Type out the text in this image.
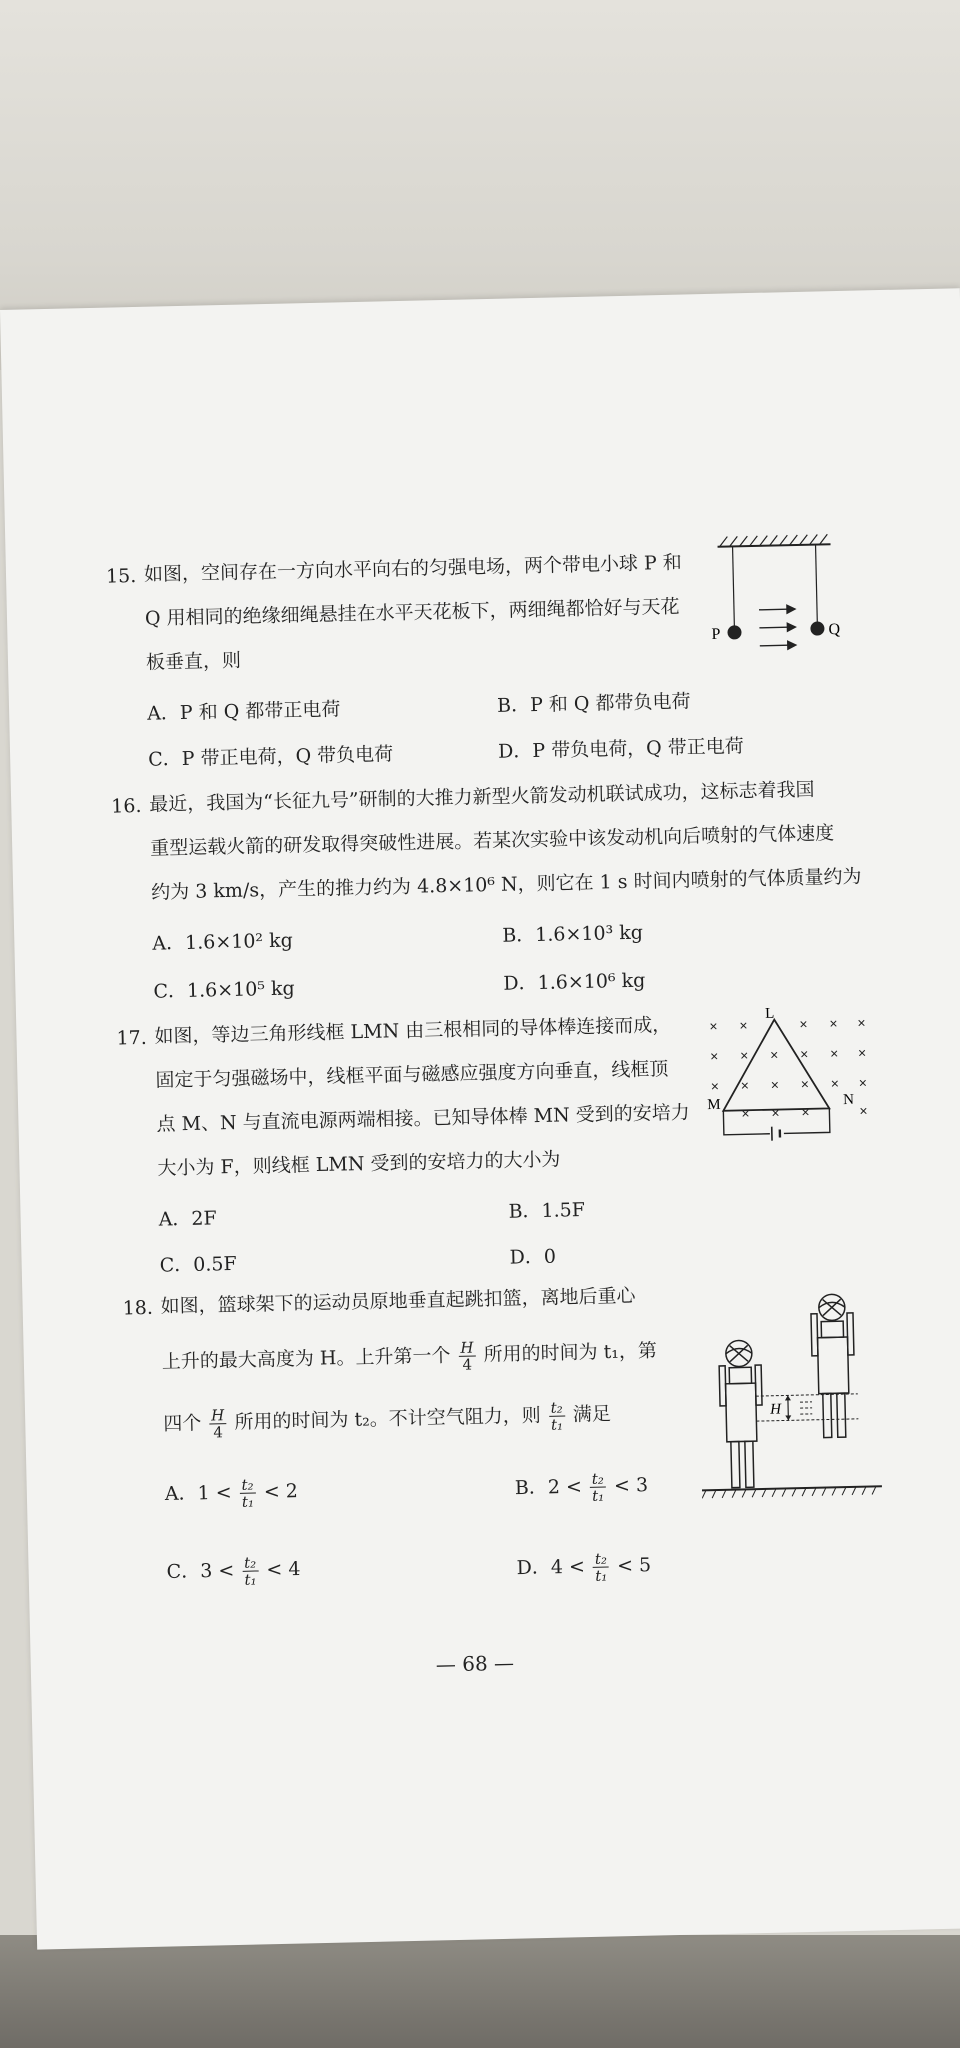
15. 如图，空间存在一方向水平向右的匀强电场，两个带电小球 P 和
Q 用相同的绝缘细绳悬挂在水平天花板下，两细绳都恰好与天花
板垂直，则
A．P 和 Q 都带正电荷	B．P 和 Q 都带负电荷
C．P 带正电荷，Q 带负电荷	D．P 带负电荷，Q 带正电荷
P	Q
16. 最近，我国为“长征九号”研制的大推力新型火箭发动机联试成功，这标志着我国
重型运载火箭的研发取得突破性进展。若某次实验中该发动机向后喷射的气体速度
约为 3 km/s，产生的推力约为 4.8×10⁶ N，则它在 1 s 时间内喷射的气体质量约为
A．1.6×10² kg	B．1.6×10³ kg
C．1.6×10⁵ kg	D．1.6×10⁶ kg
17. 如图，等边三角形线框 LMN 由三根相同的导体棒连接而成，
固定于匀强磁场中，线框平面与磁感应强度方向垂直，线框顶
点 M、N 与直流电源两端相接。已知导体棒 MN 受到的安培力
大小为 F，则线框 LMN 受到的安培力的大小为
A．2F	B．1.5F
C．0.5F	D．0
× ×	× × ×
× × × × × ×
× × × × × ×
× × ×	×
L
M	N
18. 如图，篮球架下的运动员原地垂直起跳扣篮，离地后重心
上升的最大高度为 H。上升第一个 $\frac{H}{4}$ 所用的时间为 t₁，第
四个 $\frac{H}{4}$ 所用的时间为 t₂。不计空气阻力，则 $\frac{\text{t₂}}{\text{t₁}}$ 满足
A．$1 < \frac{\text{t₂}}{\text{t₁}} < 2$	B．$2 < \frac{\text{t₂}}{\text{t₁}} < 3$
C．$3 < \frac{\text{t₂}}{\text{t₁}} < 4$	D．$4 < \frac{\text{t₂}}{\text{t₁}} < 5$
H
— 68 —
